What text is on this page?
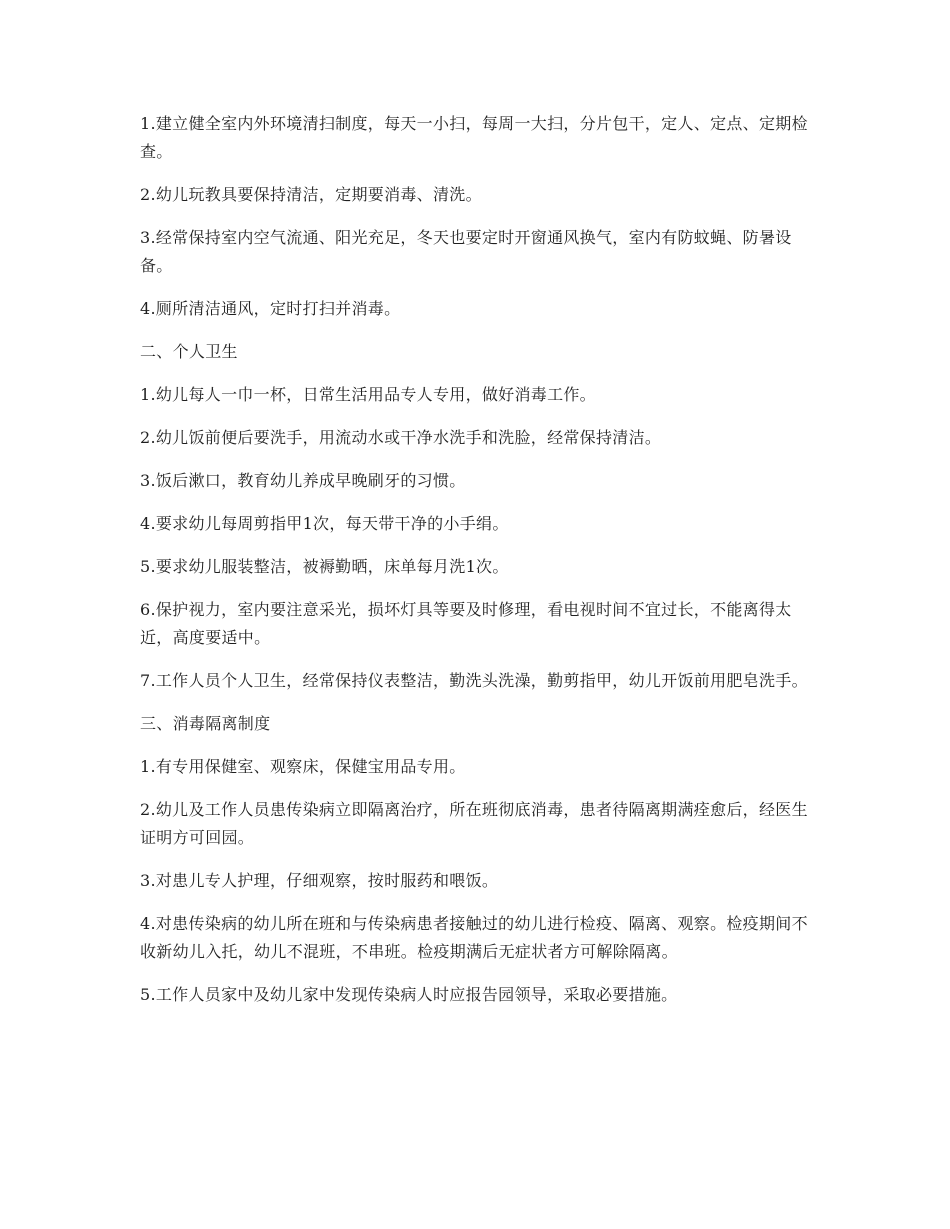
1.建立健全室内外环境清扫制度，每天一小扫，每周一大扫，分片包干，定人、定点、定期检查。

2.幼儿玩教具要保持清洁，定期要消毒、清洗。

3.经常保持室内空气流通、阳光充足，冬天也要定时开窗通风换气，室内有防蚊蝇、防暑设备。

4.厕所清洁通风，定时打扫并消毒。

二、个人卫生

1.幼儿每人一巾一杯，日常生活用品专人专用，做好消毒工作。

2.幼儿饭前便后要洗手，用流动水或干净水洗手和洗脸，经常保持清洁。

3.饭后漱口，教育幼儿养成早晚刷牙的习惯。

4.要求幼儿每周剪指甲1次，每天带干净的小手绢。

5.要求幼儿服装整洁，被褥勤晒，床单每月洗1次。

6.保护视力，室内要注意采光，损坏灯具等要及时修理，看电视时间不宜过长，不能离得太近，高度要适中。

7.工作人员个人卫生，经常保持仪表整洁，勤洗头洗澡，勤剪指甲，幼儿开饭前用肥皂洗手。

三、消毒隔离制度

1.有专用保健室、观察床，保健宝用品专用。

2.幼儿及工作人员患传染病立即隔离治疗，所在班彻底消毒，患者待隔离期满痊愈后，经医生证明方可回园。

3.对患儿专人护理，仔细观察，按时服药和喂饭。

4.对患传染病的幼儿所在班和与传染病患者接触过的幼儿进行检疫、隔离、观察。检疫期间不收新幼儿入托，幼儿不混班，不串班。检疫期满后无症状者方可解除隔离。

5.工作人员家中及幼儿家中发现传染病人时应报告园领导，采取必要措施。
